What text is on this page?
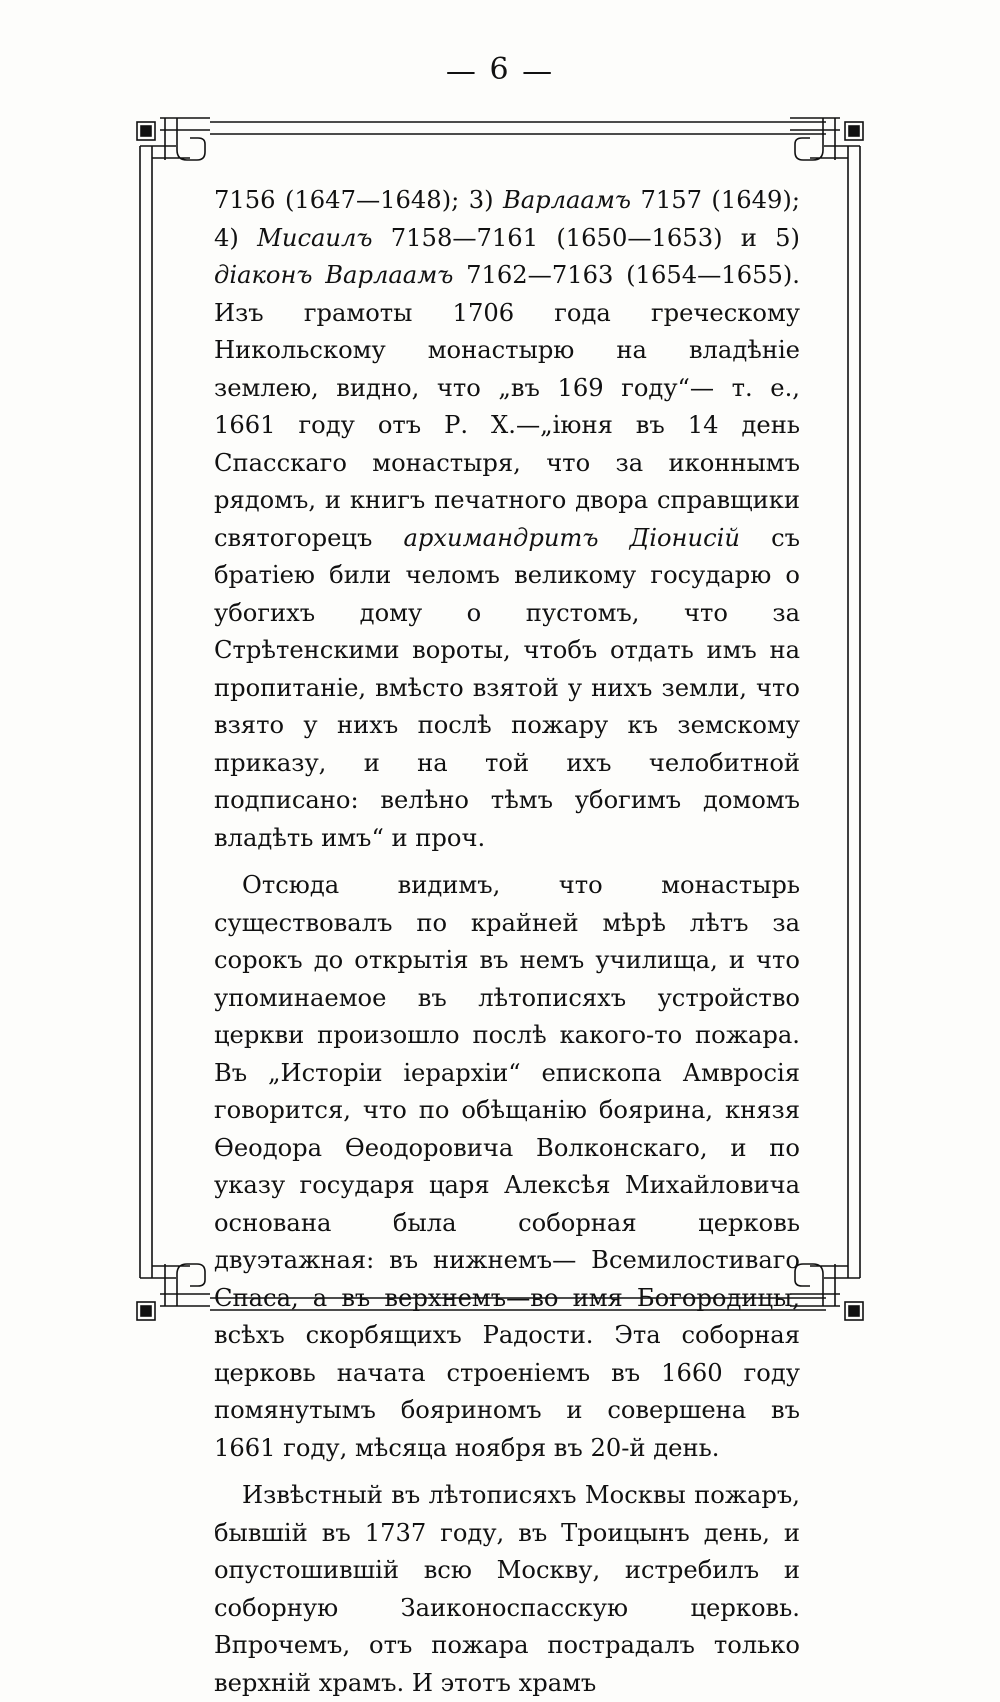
— 6 —

7156 (1647—1648); 3) Варлаамъ 7157 (1649); 4) Мисаилъ 7158—7161 (1650—1653) и 5) діаконъ Варлаамъ 7162—7163 (1654—1655). Изъ грамоты 1706 года греческому Никольскому монастырю на владѣніе землею, видно, что „въ 169 году“— т. е., 1661 году отъ Р. Х.—„іюня въ 14 день Спасскаго монастыря, что за иконнымъ рядомъ, и книгъ печатного двора справщики святогорецъ архимандритъ Діонисій съ братіею били челомъ великому государю о убогихъ дому о пустомъ, что за Стрѣтенскими вороты, чтобъ отдать имъ на пропитаніе, вмѣсто взятой у нихъ земли, что взято у нихъ послѣ пожару къ земскому приказу, и на той ихъ челобитной подписано: велѣно тѣмъ убогимъ домомъ владѣть имъ“ и проч.

Отсюда видимъ, что монастырь существовалъ по крайней мѣрѣ лѣтъ за сорокъ до открытія въ немъ училища, и что упоминаемое въ лѣтописяхъ устройство церкви произошло послѣ какого-то пожара. Въ „Исторіи іерархіи“ епископа Амвросія говорится, что по обѣщанію боярина, князя Ѳеодора Ѳеодоровича Волконскаго, и по указу государя царя Алексѣя Михайловича основана была соборная церковь двуэтажная: въ нижнемъ— Всемилостиваго Спаса, а въ верхнемъ—во имя Богородицы, всѣхъ скорбящихъ Радости. Эта соборная церковь начата строеніемъ въ 1660 году помянутымъ бояриномъ и совершена въ 1661 году, мѣсяца ноября въ 20-й день.

Извѣстный въ лѣтописяхъ Москвы пожаръ, бывшій въ 1737 году, въ Троицынъ день, и опустошившій всю Москву, истребилъ и соборную Заиконоспасскую церковь. Впрочемъ, отъ пожара пострадалъ только верхній храмъ. И этотъ храмъ
